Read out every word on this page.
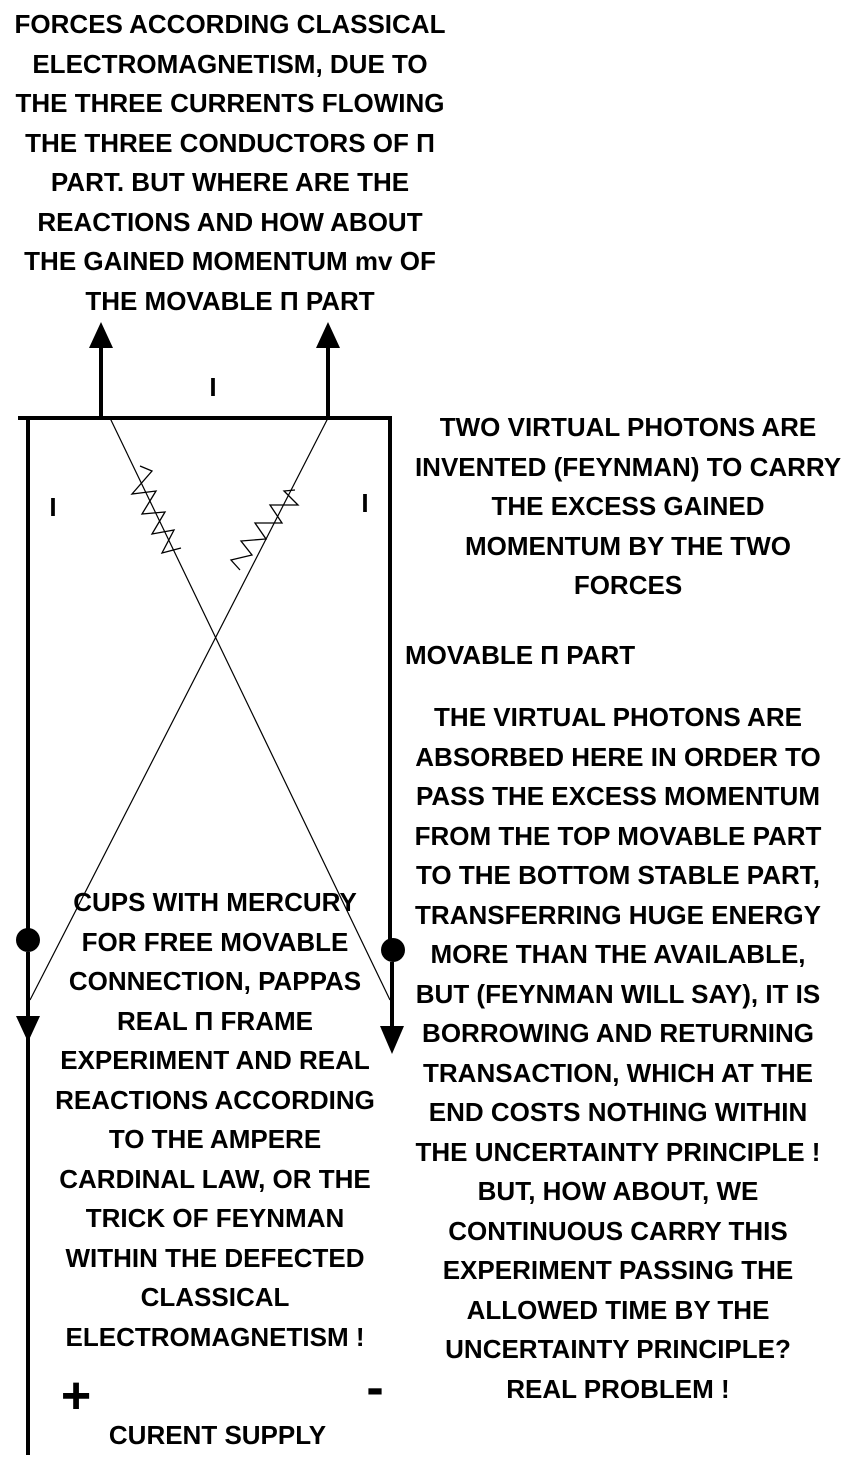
FORCES ACCORDING CLASSICAL
ELECTROMAGNETISM, DUE TO
THE THREE CURRENTS FLOWING
THE THREE CONDUCTORS OF Π
PART. BUT WHERE ARE THE
REACTIONS AND HOW ABOUT
THE GAINED MOMENTUM mv OF
THE MOVABLE Π PART

I

I	I

TWO VIRTUAL PHOTONS ARE
INVENTED (FEYNMAN) TO CARRY
THE EXCESS GAINED
MOMENTUM BY THE TWO
FORCES

MOVABLE Π PART

THE VIRTUAL PHOTONS ARE
ABSORBED HERE IN ORDER TO
PASS THE EXCESS MOMENTUM
FROM THE TOP MOVABLE PART
TO THE BOTTOM STABLE PART,
TRANSFERRING HUGE ENERGY
MORE THAN THE AVAILABLE,
BUT (FEYNMAN WILL SAY), IT IS
BORROWING AND RETURNING
TRANSACTION, WHICH AT THE
END COSTS NOTHING WITHIN
THE UNCERTAINTY PRINCIPLE !
BUT, HOW ABOUT, WE
CONTINUOUS CARRY THIS
EXPERIMENT PASSING THE
ALLOWED TIME BY THE
UNCERTAINTY PRINCIPLE?
REAL PROBLEM !

CUPS WITH MERCURY
FOR FREE MOVABLE
CONNECTION, PAPPAS
REAL Π FRAME
EXPERIMENT AND REAL
REACTIONS ACCORDING
TO THE AMPERE
CARDINAL LAW, OR THE
TRICK OF FEYNMAN
WITHIN THE DEFECTED
CLASSICAL
ELECTROMAGNETISM !

+	-

CURENT SUPPLY
